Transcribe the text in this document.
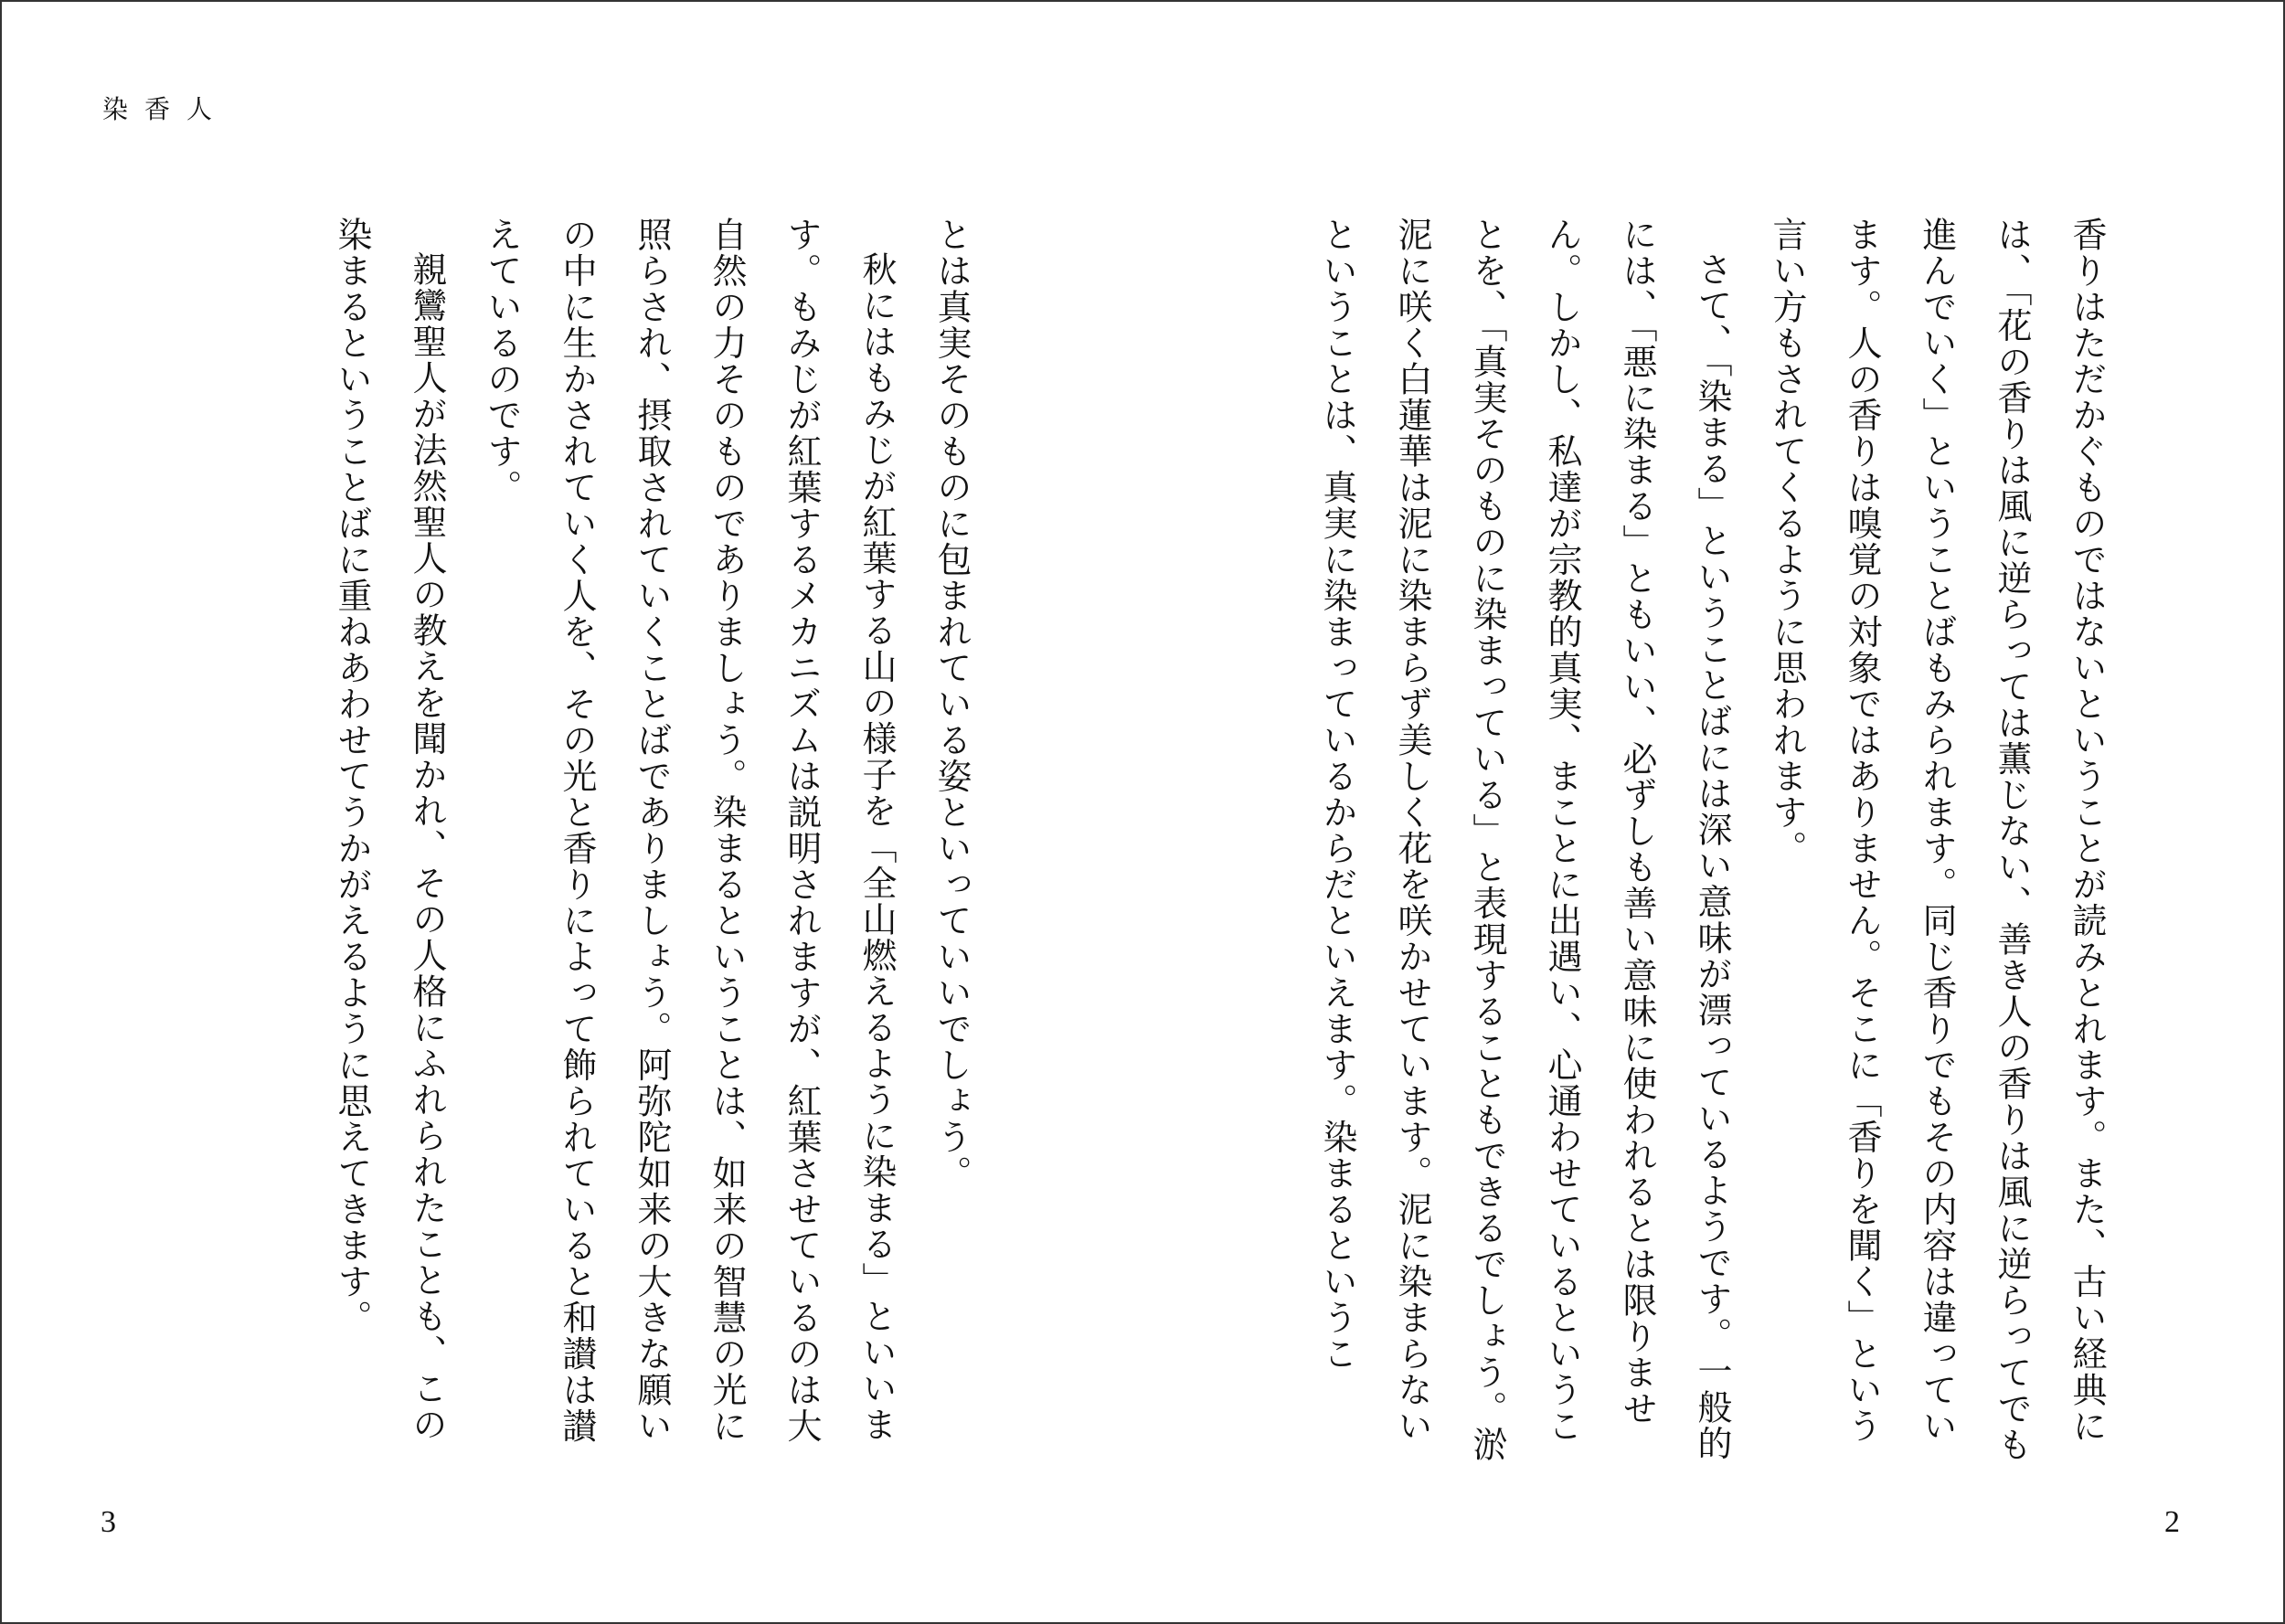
染香人

香りはただかぐものではないということが読みとれます。また、古い経典には、「花の香りは風に逆らっては薫じない、善き人の香りは風に逆らってでも進んでいく」ということばもみられます。同じ香りでもその内容は違っています。人の香りは嗅覚の対象ではありません。そこに「香りを聞く」という言い方もされてくるように思われます。

さて、「染まる」ということばには深い意味が漂っているようです。一般的には、「悪に染まる」ともいい、必ずしも善い意味に使われるとは限りません。しかし、私達が宗教的真実、まことに出遇い、心通わせているということを、「真実そのものに染まっている」と表現することもできるでしょう。淤泥に咲く白蓮華は泥に染まらず美しく花を咲かせています。泥に染まらないということは、真実に染まっているからだといえます。染まるというこ

とは真実そのものに包まれている姿といっていいでしょう。

秋にはもみじが紅葉する山の様子を「全山燃えるように染まる」といいます。もみじが紅葉するメカニズムは説明されますが、紅葉させているのは大自然の力そのものでありましょう。染まるということは、如来の智慧の光に照らされ、摂取されていくことばでありましょう。阿弥陀如来の大きな願いの中に生かされていく人を、その光と香りによって飾られていると和讃は讃えているのです。

親鸞聖人が法然聖人の教えを聞かれ、その人格にふれられたことも、この染まるということばに重ねあわせてうかがえるように思えてきます。

3	2
